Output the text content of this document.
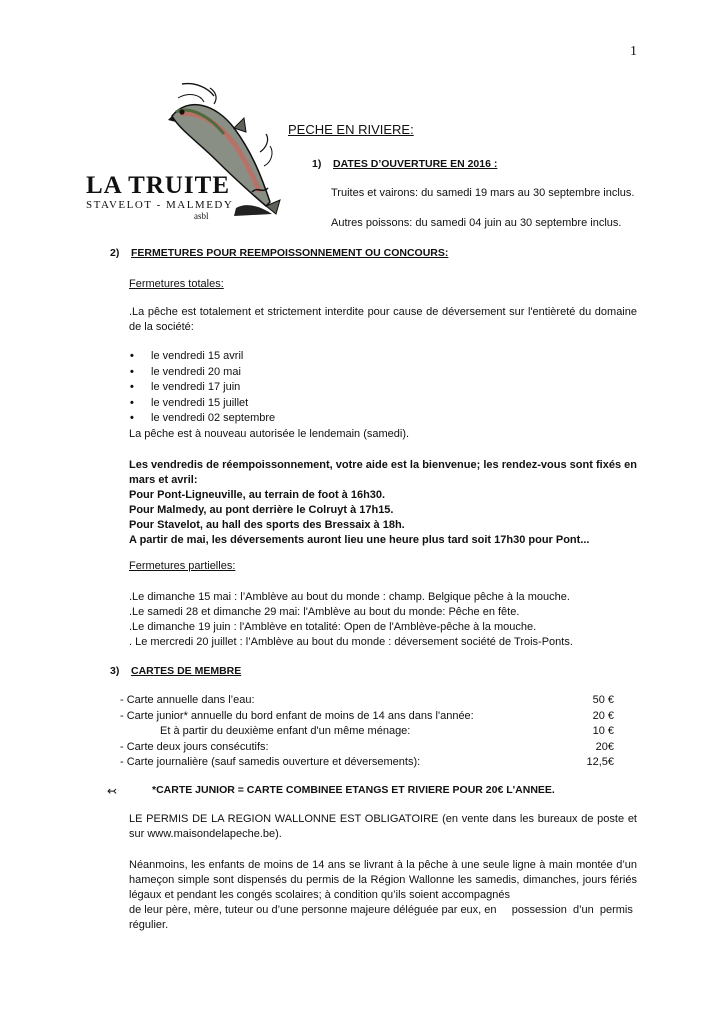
1
LA TRUITE
STAVELOT - MALMEDY
asbl
PECHE EN RIVIERE:
1) DATES D’OUVERTURE EN 2016 :
Truites et vairons: du samedi 19 mars au 30 septembre inclus.
Autres poissons: du samedi 04 juin au 30 septembre inclus.
2) FERMETURES POUR REEMPOISSONNEMENT OU CONCOURS:
Fermetures totales:
.La pêche est totalement et strictement interdite pour cause de déversement sur l'entièreté du domaine de la société:
• le vendredi 15 avril
• le vendredi 20 mai
• le vendredi 17 juin
• le vendredi 15 juillet
• le vendredi 02 septembre
La pêche est à nouveau autorisée le lendemain (samedi).
Les vendredis de réempoissonnement, votre aide est la bienvenue; les rendez-vous sont fixés en mars et avril:
Pour Pont-Ligneuville, au terrain de foot à 16h30.
Pour Malmedy, au pont derrière le Colruyt à 17h15.
Pour Stavelot, au hall des sports des Bressaix à 18h.
A partir de mai, les déversements auront lieu une heure plus tard soit 17h30 pour Pont...
Fermetures partielles:
.Le dimanche 15 mai : l’Amblève au bout du monde : champ. Belgique pêche à la mouche.
.Le samedi 28 et dimanche 29 mai: l'Amblève au bout du monde: Pêche en fête.
.Le dimanche 19 juin : l'Amblève en totalité: Open de l'Amblève-pêche à la mouche.
. Le mercredi 20 juillet : l’Amblève au bout du monde : déversement société de Trois-Ponts.
3) CARTES DE MEMBRE
- Carte annuelle dans l’eau:	50 €
- Carte junior* annuelle du bord enfant de moins de 14 ans dans l'année:	20 €
Et à partir du deuxième enfant d'un même ménage:	10 €
- Carte deux jours consécutifs:	20€
- Carte journalière (sauf samedis ouverture et déversements):	12,5€
↢	*CARTE JUNIOR = CARTE COMBINEE ETANGS ET RIVIERE POUR 20€ L'ANNEE.
LE PERMIS DE LA REGION WALLONNE EST OBLIGATOIRE (en vente dans les bureaux de poste et sur www.maisondelapeche.be).
Néanmoins, les enfants de moins de 14 ans se livrant à la pêche à une seule ligne à main montée d’un hameçon simple sont dispensés du permis de la Région Wallonne les samedis, dimanches, jours fériés légaux et pendant les congés scolaires; à condition qu’ils soient accompagnés
de leur père, mère, tuteur ou d’une personne majeure déléguée par eux, en     possession  d’un  permis
régulier.
